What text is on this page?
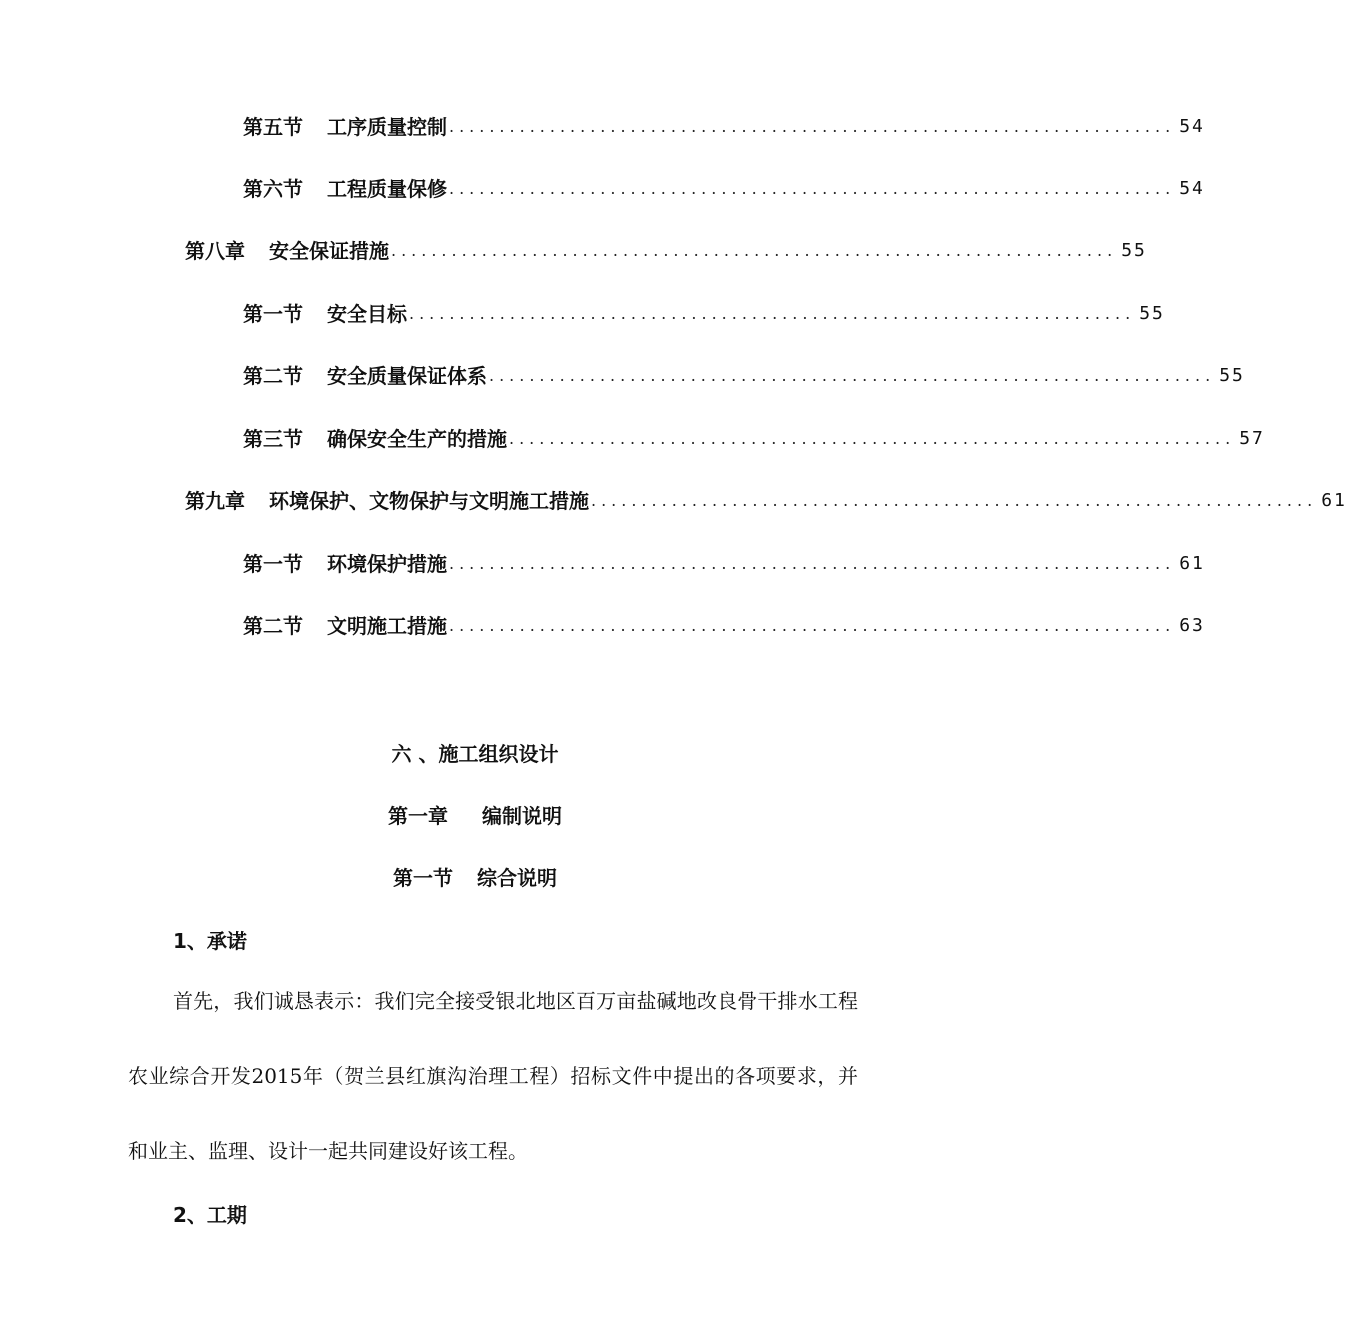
第五节 工序质量控制 ........................................................................ 54
第六节 工程质量保修 ........................................................................ 54
第八章 安全保证措施 ........................................................................ 55
第一节 安全目标 ........................................................................ 55
第二节 安全质量保证体系 ........................................................................ 55
第三节 确保安全生产的措施 ........................................................................ 57
第九章 环境保护、文物保护与文明施工措施 ........................................................................ 61
第一节 环境保护措施 ........................................................................ 61
第二节 文明施工措施 ........................................................................ 63
六 、施工组织设计
第一章 编制说明
第一节 综合说明
1、承诺
首先，我们诚恳表示：我们完全接受银北地区百万亩盐碱地改良骨干排水工程农业综合开发2015年（贺兰县红旗沟治理工程）招标文件中提出的各项要求，并和业主、监理、设计一起共同建设好该工程。
2、工期
